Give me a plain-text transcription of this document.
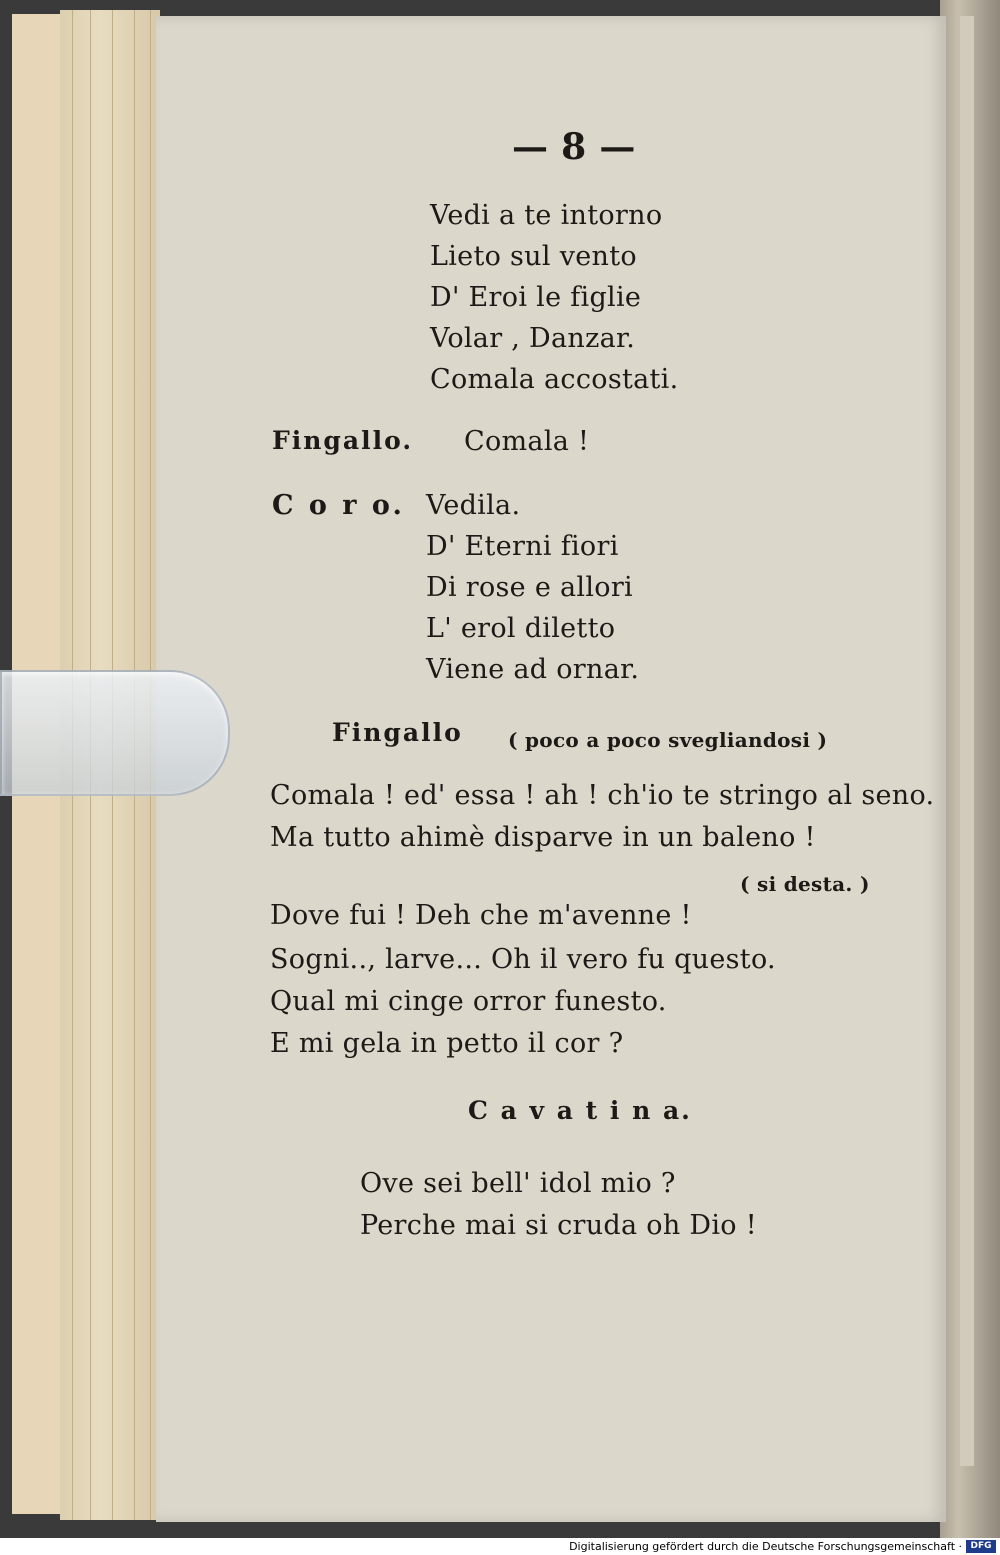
— 8 —
Vedi a te intorno
Lieto sul vento
D' Eroi le figlie
Volar , Danzar.
Comala accostati.
Fingallo. Comala !
C o r o. Vedila.
D' Eterni fiori
Di rose e allori
L' erol diletto
Viene ad ornar.
Fingallo ( poco a poco svegliandosi )
Comala ! ed' essa ! ah ! ch'io te stringo al seno.
Ma tutto ahimè disparve in un baleno !
( si desta. )
Dove fui ! Deh che m'avenne !
Sogni.., larve... Oh il vero fu questo.
Qual mi cinge orror funesto.
E mi gela in petto il cor ?
C a v a t i n a.
Ove sei bell' idol mio ?
Perche mai si cruda oh Dio !
Digitalisierung gefördert durch die Deutsche Forschungsgemeinschaft · DFG
